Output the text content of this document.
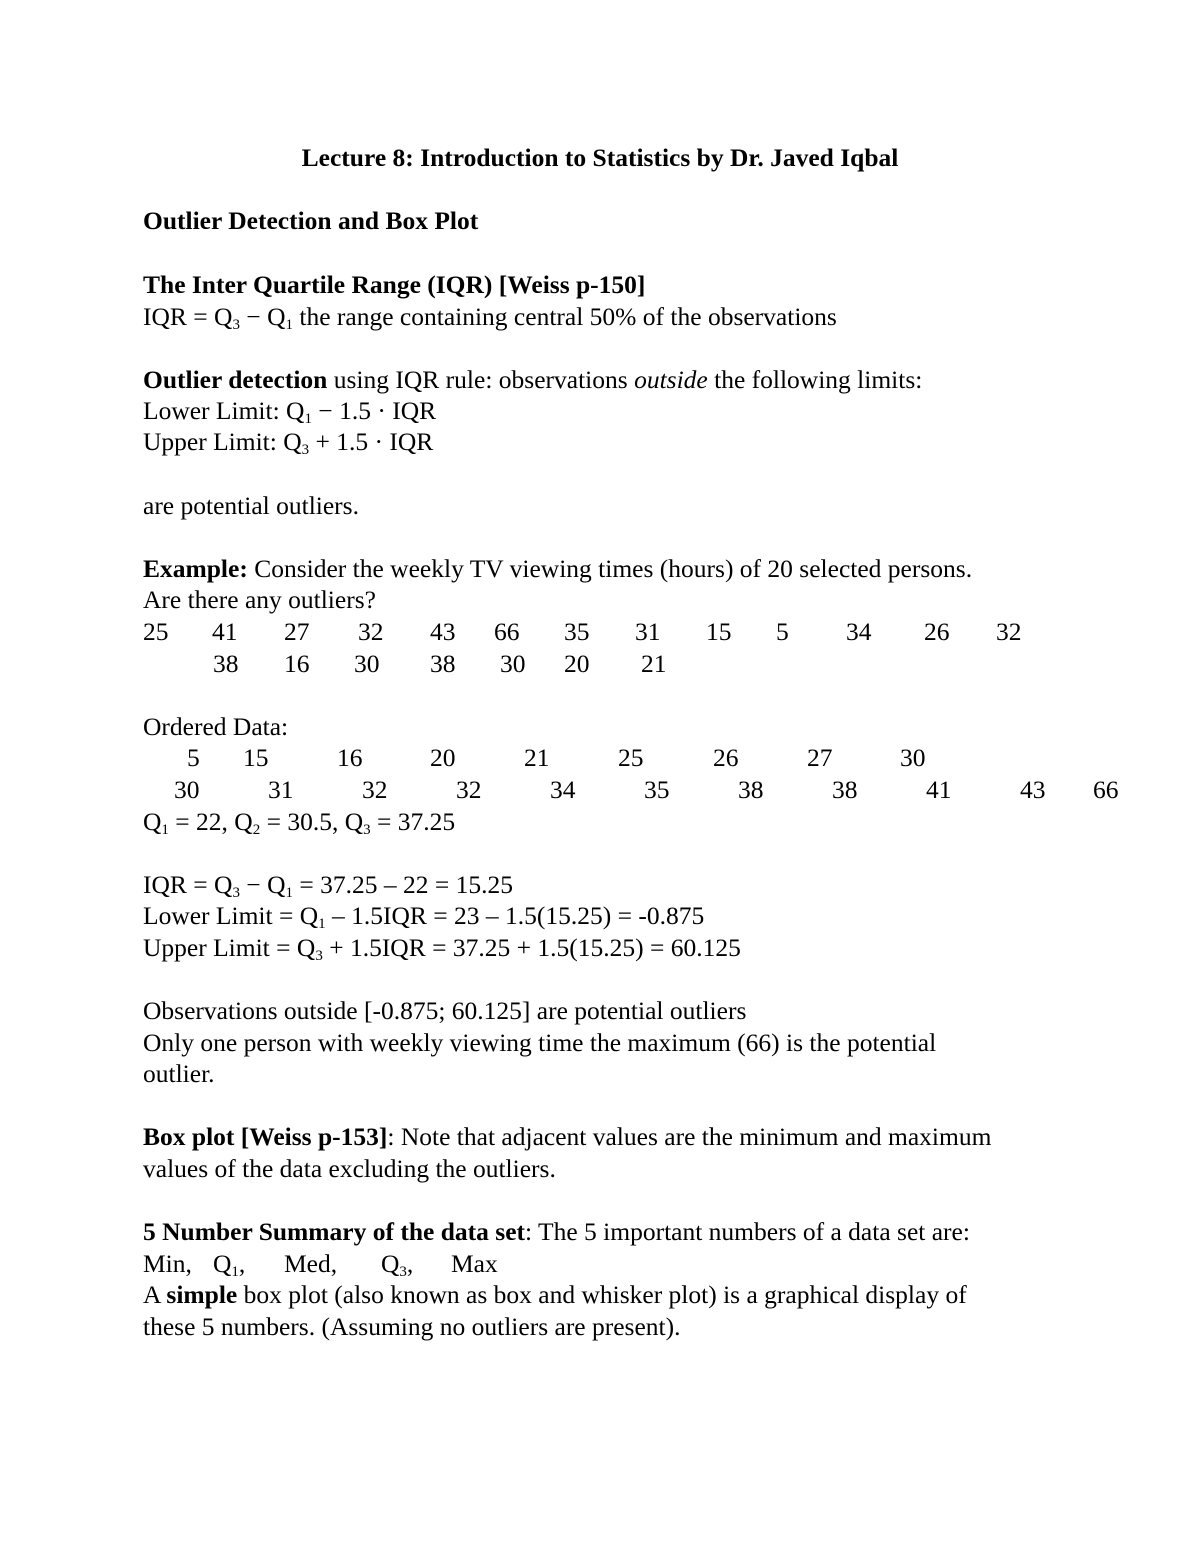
Lecture 8: Introduction to Statistics by Dr. Javed Iqbal
Outlier Detection and Box Plot
The Inter Quartile Range (IQR) [Weiss p-150]
IQR = $Q_3 - Q_1$ the range containing central 50% of the observations
Outlier detection using IQR rule: observations outside the following limits:
Lower Limit: $Q_1 - 1.5$ · IQR
Upper Limit: $Q_3 + 1.5$ · IQR
are potential outliers.
Example: Consider the weekly TV viewing times (hours) of 20 selected persons.
Are there any outliers?
25 41 27 32 43 66 35 31 15 5 34 26 32
38 16 30 38 30 20 21
Ordered Data:
5 15	16	20	21	25	26	27	30
30	31	32	32	34	35	38	38	41	43 66
$Q_1 = 22$, $Q_2 = 30.5$, $Q_3 = 37.25$
IQR = $Q_3 - Q_1 = 37.25 - 22 = 15.25$
Lower Limit = $Q_1 - 1.5IQR = 23 - 1.5(15.25) = -0.875$
Upper Limit = $Q_3 + 1.5IQR = 37.25 + 1.5(15.25) = 60.125$
Observations outside [-0.875; 60.125] are potential outliers
Only one person with weekly viewing time the maximum (66) is the potential
outlier.
Box plot [Weiss p-153]: Note that adjacent values are the minimum and maximum
values of the data excluding the outliers.
5 Number Summary of the data set: The 5 important numbers of a data set are:
Min, $Q_1$, Med, $Q_3$, Max
A simple box plot (also known as box and whisker plot) is a graphical display of
these 5 numbers. (Assuming no outliers are present).
